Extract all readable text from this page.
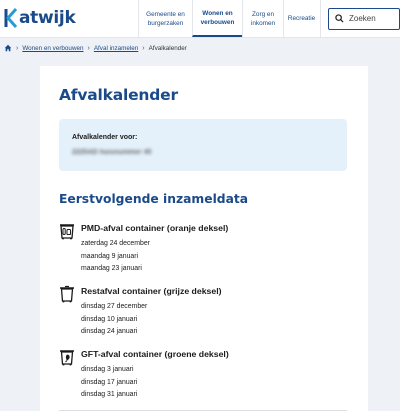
atwijk	Gemeente en
burgerzaken
Wonen en
verbouwen
Zorg en
inkomen
Recreatie
Zoeken
› Wonen en verbouwen › Afval inzamelen › Afvalkalender
Afvalkalender
Afvalkalender voor:
2225AD huisnummer 45
Eerstvolgende inzameldata
PMD-afval container (oranje deksel)
zaterdag 24 december
maandag 9 januari
maandag 23 januari
Restafval container (grijze deksel)
dinsdag 27 december
dinsdag 10 januari
dinsdag 24 januari
GFT-afval container (groene deksel)
dinsdag 3 januari
dinsdag 17 januari
dinsdag 31 januari
